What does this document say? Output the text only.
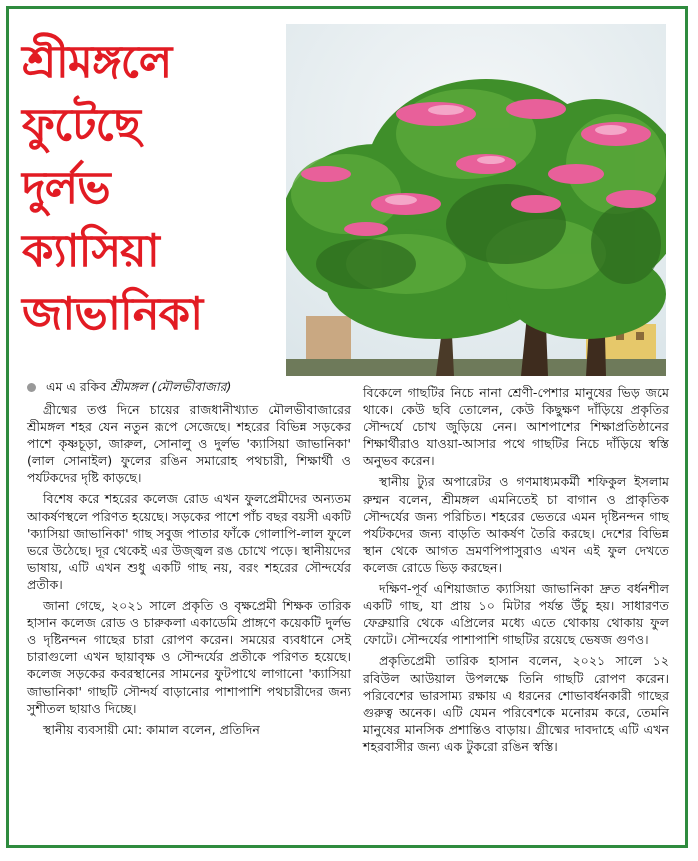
শ্রীমঙ্গলে
ফুটেছে
দুর্লভ
ক্যাসিয়া
জাভানিকা
এম এ রকিব শ্রীমঙ্গল (মৌলভীবাজার)

গ্রীষ্মের তপ্ত দিনে চায়ের রাজধানীখ্যাত মৌলভীবাজারের শ্রীমঙ্গল শহর যেন নতুন রূপে সেজেছে। শহরের বিভিন্ন সড়কের পাশে কৃষ্ণচূড়া, জারুল, সোনালু ও দুর্লভ 'ক্যাসিয়া জাভানিকা' (লাল সোনাইল) ফুলের রঙিন সমারোহ পথচারী, শিক্ষার্থী ও পর্যটকদের দৃষ্টি কাড়ছে।

বিশেষ করে শহরের কলেজ রোড এখন ফুলপ্রেমীদের অন্যতম আকর্ষণস্থলে পরিণত হয়েছে। সড়কের পাশে পাঁচ বছর বয়সী একটি 'ক্যাসিয়া জাভানিকা' গাছ সবুজ পাতার ফাঁকে গোলাপি-লাল ফুলে ভরে উঠেছে। দূর থেকেই এর উজ্জ্বল রঙ চোখে পড়ে। স্থানীয়দের ভাষায়, এটি এখন শুধু একটি গাছ নয়, বরং শহরের সৌন্দর্যের প্রতীক।

জানা গেছে, ২০২১ সালে প্রকৃতি ও বৃক্ষপ্রেমী শিক্ষক তারিক হাসান কলেজ রোড ও চারুকলা একাডেমি প্রাঙ্গণে কয়েকটি দুর্লভ ও দৃষ্টিনন্দন গাছের চারা রোপণ করেন। সময়ের ব্যবধানে সেই চারাগুলো এখন ছায়াবৃক্ষ ও সৌন্দর্যের প্রতীকে পরিণত হয়েছে। কলেজ সড়কের কবরস্থানের সামনের ফুটপাথে লাগানো 'ক্যাসিয়া জাভানিকা' গাছটি সৌন্দর্য বাড়ানোর পাশাপাশি পথচারীদের জন্য সুশীতল ছায়াও দিচ্ছে।

স্থানীয় ব্যবসায়ী মো: কামাল বলেন, প্রতিদিন

বিকেলে গাছটির নিচে নানা শ্রেণী-পেশার মানুষের ভিড় জমে থাকে। কেউ ছবি তোলেন, কেউ কিছুক্ষণ দাঁড়িয়ে প্রকৃতির সৌন্দর্যে চোখ জুড়িয়ে নেন। আশপাশের শিক্ষাপ্রতিষ্ঠানের শিক্ষার্থীরাও যাওয়া-আসার পথে গাছটির নিচে দাঁড়িয়ে স্বস্তি অনুভব করেন।

স্থানীয় ট্যুর অপারেটর ও গণমাধ্যমকর্মী শফিকুল ইসলাম রুম্মন বলেন, শ্রীমঙ্গল এমনিতেই চা বাগান ও প্রাকৃতিক সৌন্দর্যের জন্য পরিচিত। শহরের ভেতরে এমন দৃষ্টিনন্দন গাছ পর্যটকদের জন্য বাড়তি আকর্ষণ তৈরি করছে। দেশের বিভিন্ন স্থান থেকে আগত ভ্রমণপিপাসুরাও এখন এই ফুল দেখতে কলেজ রোডে ভিড় করছেন।

দক্ষিণ-পূর্ব এশিয়াজাত ক্যাসিয়া জাভানিকা দ্রুত বর্ধনশীল একটি গাছ, যা প্রায় ১০ মিটার পর্যন্ত উঁচু হয়। সাধারণত ফেব্রুয়ারি থেকে এপ্রিলের মধ্যে এতে থোকায় থোকায় ফুল ফোটে। সৌন্দর্যের পাশাপাশি গাছটির রয়েছে ভেষজ গুণও।

প্রকৃতিপ্রেমী তারিক হাসান বলেন, ২০২১ সালে ১২ রবিউল আউয়াল উপলক্ষে তিনি গাছটি রোপণ করেন। পরিবেশের ভারসাম্য রক্ষায় এ ধরনের শোভাবর্ধনকারী গাছের গুরুত্ব অনেক। এটি যেমন পরিবেশকে মনোরম করে, তেমনি মানুষের মানসিক প্রশান্তিও বাড়ায়। গ্রীষ্মের দাবদাহে এটি এখন শহরবাসীর জন্য এক টুকরো রঙিন স্বস্তি।
